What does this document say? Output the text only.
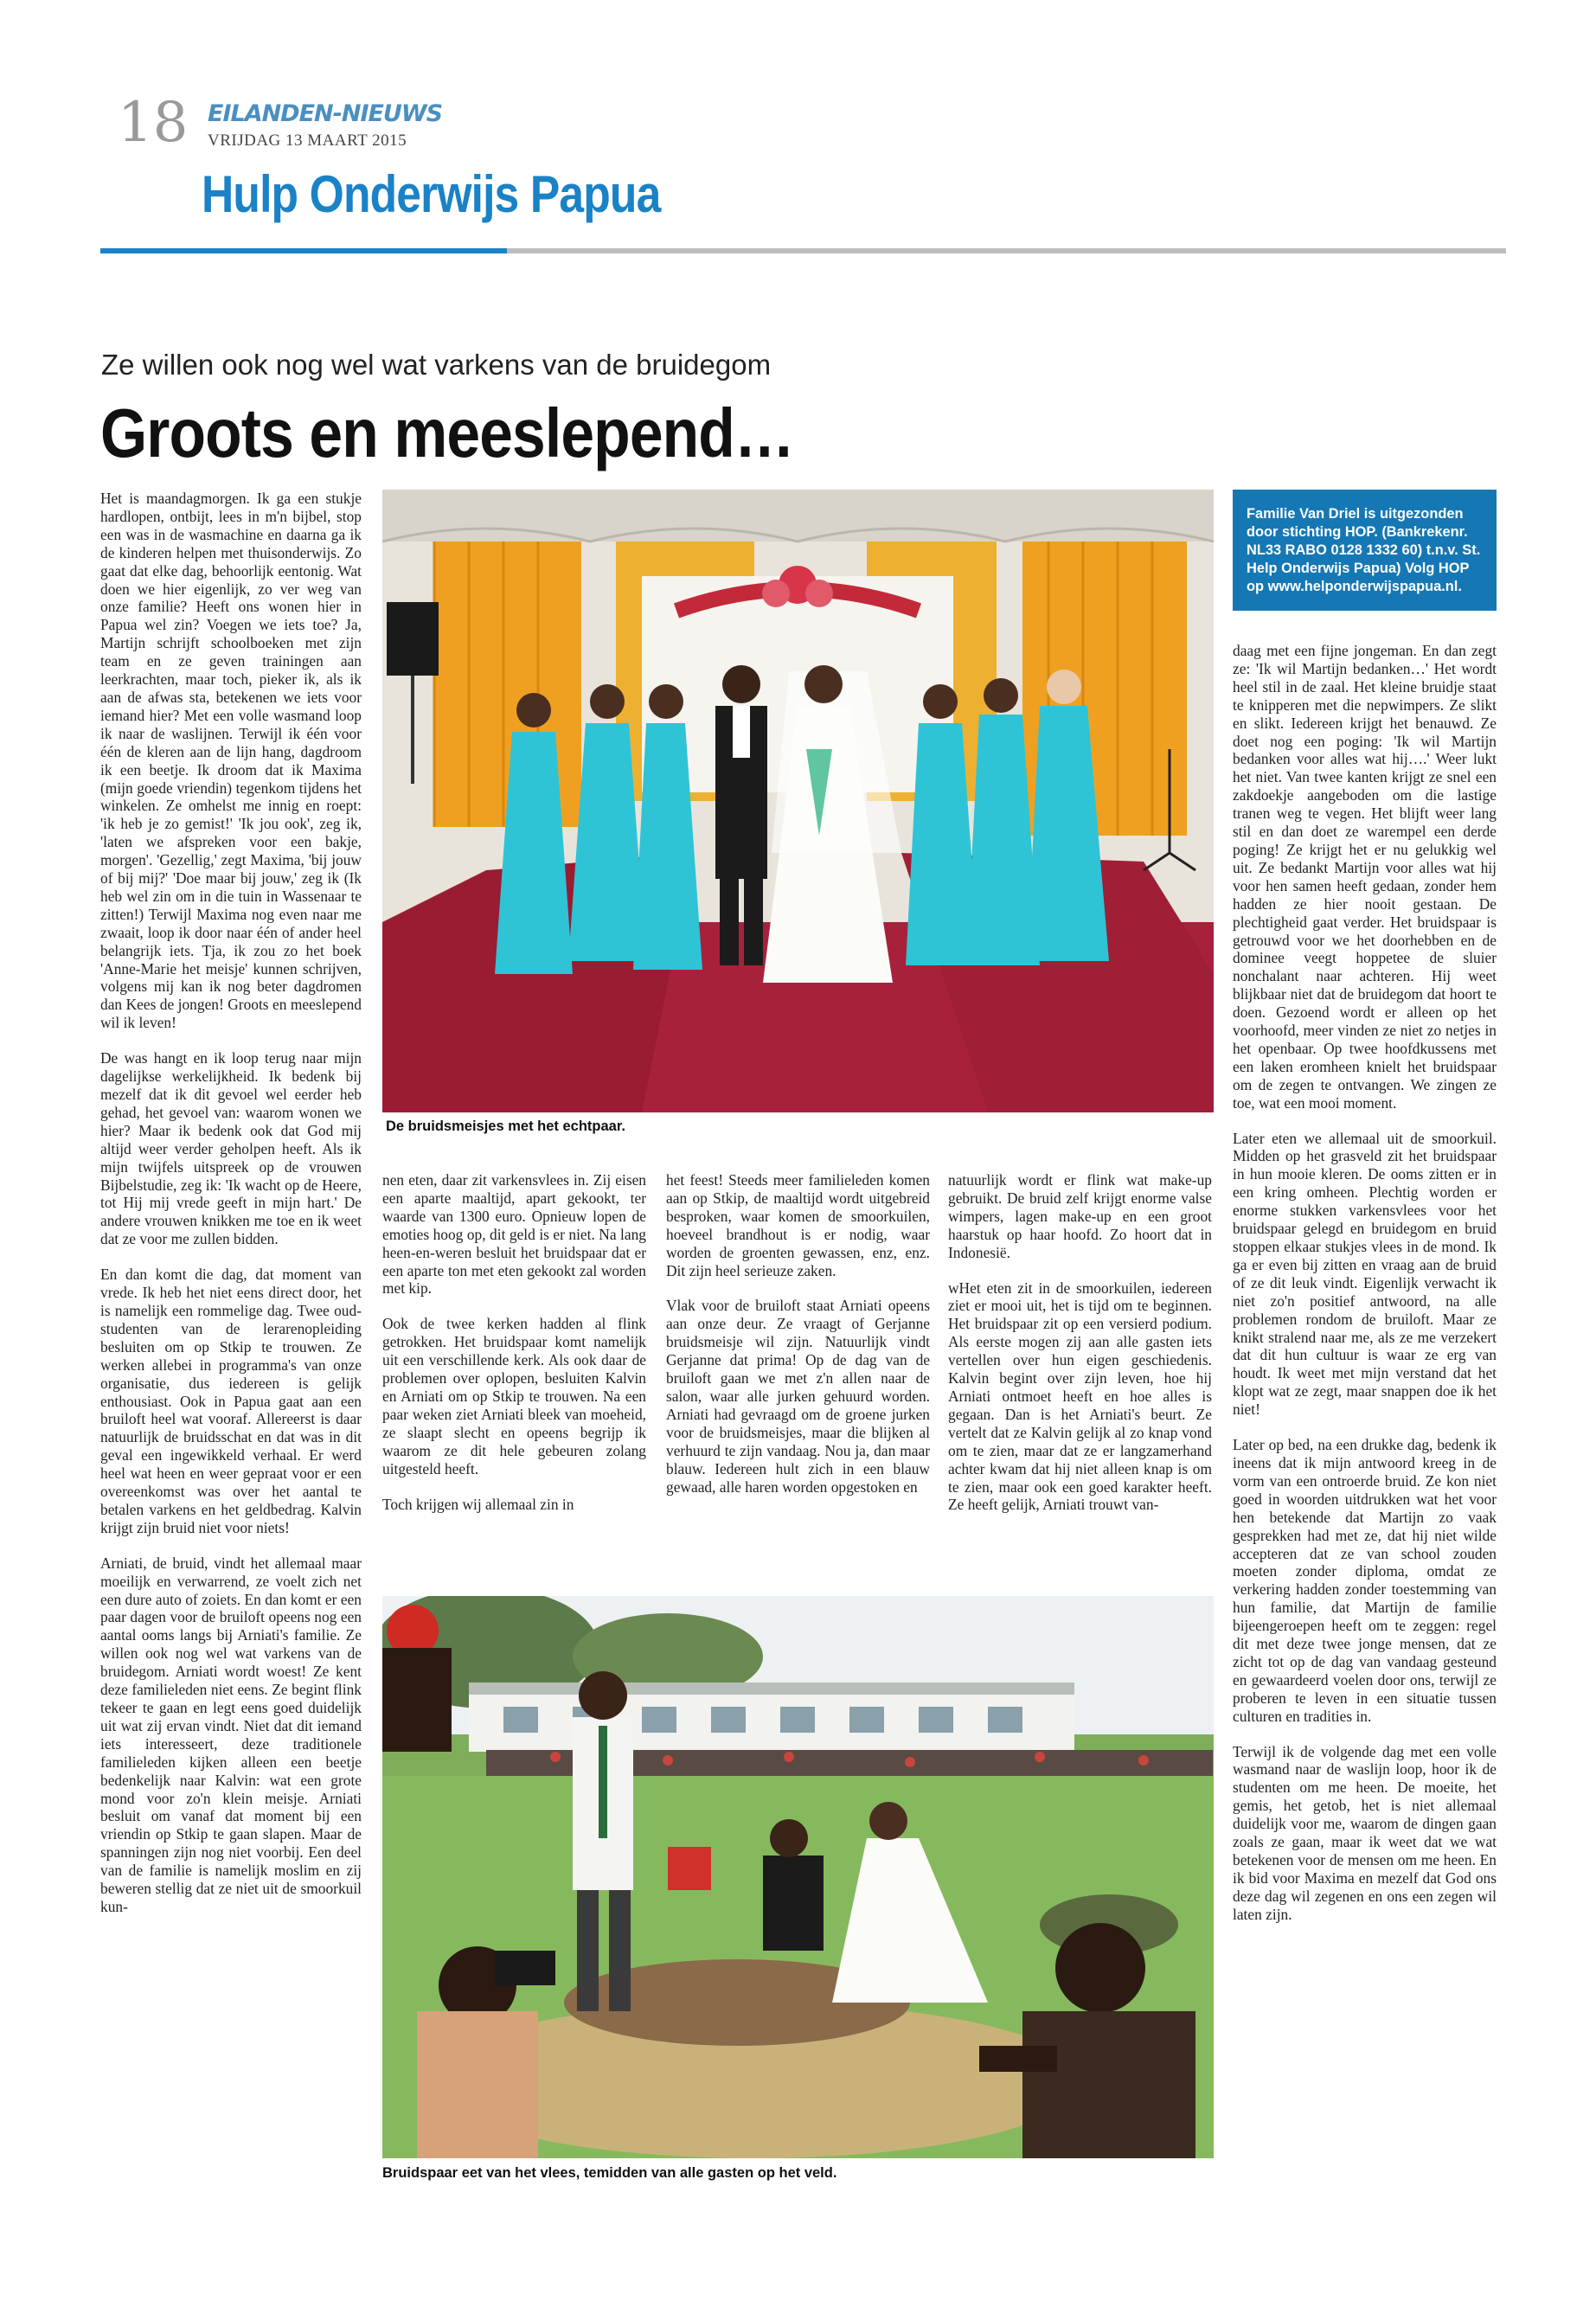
18 EILANDEN-NIEUWS
VRIJDAG 13 MAART 2015
Hulp Onderwijs Papua
Ze willen ook nog wel wat varkens van de bruidegom
Groots en meeslepend…

Het is maandagmorgen. Ik ga een stukje hardlopen, ontbijt, lees in m'n bijbel, stop een was in de wasmachine en daarna ga ik de kinderen helpen met thuisonderwijs. Zo gaat dat elke dag, behoorlijk eentonig. Wat doen we hier eigenlijk, zo ver weg van onze familie? Heeft ons wonen hier in Papua wel zin? Voegen we iets toe? Ja, Martijn schrijft schoolboeken met zijn team en ze geven trainingen aan leerkrachten, maar toch, pieker ik, als ik aan de afwas sta, betekenen we iets voor iemand hier? Met een volle wasmand loop ik naar de waslijnen. Terwijl ik één voor één de kleren aan de lijn hang, dagdroom ik een beetje. Ik droom dat ik Maxima (mijn goede vriendin) tegenkom tijdens het winkelen. Ze omhelst me innig en roept: 'ik heb je zo gemist!' 'Ik jou ook', zeg ik, 'laten we afspreken voor een bakje, morgen'. 'Gezellig,' zegt Maxima, 'bij jouw of bij mij?' 'Doe maar bij jouw,' zeg ik (Ik heb wel zin om in die tuin in Wassenaar te zitten!) Terwijl Maxima nog even naar me zwaait, loop ik door naar één of ander heel belangrijk iets. Tja, ik zou zo het boek 'Anne-Marie het meisje' kunnen schrijven, volgens mij kan ik nog beter dagdromen dan Kees de jongen! Groots en meeslepend wil ik leven!

De was hangt en ik loop terug naar mijn dagelijkse werkelijkheid. Ik bedenk bij mezelf dat ik dit gevoel wel eerder heb gehad, het gevoel van: waarom wonen we hier? Maar ik bedenk ook dat God mij altijd weer verder geholpen heeft. Als ik mijn twijfels uitspreek op de vrouwen Bijbelstudie, zeg ik: 'Ik wacht op de Heere, tot Hij mij vrede geeft in mijn hart.' De andere vrouwen knikken me toe en ik weet dat ze voor me zullen bidden.

En dan komt die dag, dat moment van vrede. Ik heb het niet eens direct door, het is namelijk een rommelige dag. Twee oud-studenten van de lerarenopleiding besluiten om op Stkip te trouwen. Ze werken allebei in programma's van onze organisatie, dus iedereen is gelijk enthousiast. Ook in Papua gaat aan een bruiloft heel wat vooraf. Allereerst is daar natuurlijk de bruidsschat en dat was in dit geval een ingewikkeld verhaal. Er werd heel wat heen en weer gepraat voor er een overeenkomst was over het aantal te betalen varkens en het geldbedrag. Kalvin krijgt zijn bruid niet voor niets!

Arniati, de bruid, vindt het allemaal maar moeilijk en verwarrend, ze voelt zich net een dure auto of zoiets. En dan komt er een paar dagen voor de bruiloft opeens nog een aantal ooms langs bij Arniati's familie. Ze willen ook nog wel wat varkens van de bruidegom. Arniati wordt woest! Ze kent deze familieleden niet eens. Ze begint flink tekeer te gaan en legt eens goed duidelijk uit wat zij ervan vindt. Niet dat dit iemand iets interesseert, deze traditionele familieleden kijken alleen een beetje bedenkelijk naar Kalvin: wat een grote mond voor zo'n klein meisje. Arniati besluit om vanaf dat moment bij een vriendin op Stkip te gaan slapen. Maar de spanningen zijn nog niet voorbij. Een deel van de familie is namelijk moslim en zij beweren stellig dat ze niet uit de smoorkuil kun-

De bruidsmeisjes met het echtpaar.

nen eten, daar zit varkensvlees in. Zij eisen een aparte maaltijd, apart gekookt, ter waarde van 1300 euro. Opnieuw lopen de emoties hoog op, dit geld is er niet. Na lang heen-en-weren besluit het bruidspaar dat er een aparte ton met eten gekookt zal worden met kip.

Ook de twee kerken hadden al flink getrokken. Het bruidspaar komt namelijk uit een verschillende kerk. Als ook daar de problemen over oplopen, besluiten Kalvin en Arniati om op Stkip te trouwen. Na een paar weken ziet Arniati bleek van moeheid, ze slaapt slecht en opeens begrijp ik waarom ze dit hele gebeuren zolang uitgesteld heeft.

Toch krijgen wij allemaal zin in

het feest! Steeds meer familieleden komen aan op Stkip, de maaltijd wordt uitgebreid besproken, waar komen de smoorkuilen, hoeveel brandhout is er nodig, waar worden de groenten gewassen, enz, enz. Dit zijn heel serieuze zaken.

Vlak voor de bruiloft staat Arniati opeens aan onze deur. Ze vraagt of Gerjanne bruidsmeisje wil zijn. Natuurlijk vindt Gerjanne dat prima! Op de dag van de bruiloft gaan we met z'n allen naar de salon, waar alle jurken gehuurd worden. Arniati had gevraagd om de groene jurken voor de bruidsmeisjes, maar die blijken al verhuurd te zijn vandaag. Nou ja, dan maar blauw. Iedereen hult zich in een blauw gewaad, alle haren worden opgestoken en

natuurlijk wordt er flink wat make-up gebruikt. De bruid zelf krijgt enorme valse wimpers, lagen make-up en een groot haarstuk op haar hoofd. Zo hoort dat in Indonesië.

wHet eten zit in de smoorkuilen, iedereen ziet er mooi uit, het is tijd om te beginnen. Het bruidspaar zit op een versierd podium. Als eerste mogen zij aan alle gasten iets vertellen over hun eigen geschiedenis. Kalvin begint over zijn leven, hoe hij Arniati ontmoet heeft en hoe alles is gegaan. Dan is het Arniati's beurt. Ze vertelt dat ze Kalvin gelijk al zo knap vond om te zien, maar dat ze er langzamerhand achter kwam dat hij niet alleen knap is om te zien, maar ook een goed karakter heeft. Ze heeft gelijk, Arniati trouwt van-

Bruidspaar eet van het vlees, temidden van alle gasten op het veld.
Familie Van Driel is uitgezonden door stichting HOP. (Bankrekenr. NL33 RABO 0128 1332 60) t.n.v. St. Help Onderwijs Papua) Volg HOP op www.helponderwijspapua.nl.

daag met een fijne jongeman. En dan zegt ze: 'Ik wil Martijn bedanken…' Het wordt heel stil in de zaal. Het kleine bruidje staat te knipperen met die nepwimpers. Ze slikt en slikt. Iedereen krijgt het benauwd. Ze doet nog een poging: 'Ik wil Martijn bedanken voor alles wat hij….' Weer lukt het niet. Van twee kanten krijgt ze snel een zakdoekje aangeboden om die lastige tranen weg te vegen. Het blijft weer lang stil en dan doet ze warempel een derde poging! Ze krijgt het er nu gelukkig wel uit. Ze bedankt Martijn voor alles wat hij voor hen samen heeft gedaan, zonder hem hadden ze hier nooit gestaan. De plechtigheid gaat verder. Het bruidspaar is getrouwd voor we het doorhebben en de dominee veegt hoppetee de sluier nonchalant naar achteren. Hij weet blijkbaar niet dat de bruidegom dat hoort te doen. Gezoend wordt er alleen op het voorhoofd, meer vinden ze niet zo netjes in het openbaar. Op twee hoofdkussens met een laken eromheen knielt het bruidspaar om de zegen te ontvangen. We zingen ze toe, wat een mooi moment.

Later eten we allemaal uit de smoorkuil. Midden op het grasveld zit het bruidspaar in hun mooie kleren. De ooms zitten er in een kring omheen. Plechtig worden er enorme stukken varkensvlees voor het bruidspaar gelegd en bruidegom en bruid stoppen elkaar stukjes vlees in de mond. Ik ga er even bij zitten en vraag aan de bruid of ze dit leuk vindt. Eigenlijk verwacht ik niet zo'n positief antwoord, na alle problemen rondom de bruiloft. Maar ze knikt stralend naar me, als ze me verzekert dat dit hun cultuur is waar ze erg van houdt. Ik weet met mijn verstand dat het klopt wat ze zegt, maar snappen doe ik het niet!

Later op bed, na een drukke dag, bedenk ik ineens dat ik mijn antwoord kreeg in de vorm van een ontroerde bruid. Ze kon niet goed in woorden uitdrukken wat het voor hen betekende dat Martijn zo vaak gesprekken had met ze, dat hij niet wilde accepteren dat ze van school zouden moeten zonder diploma, omdat ze verkering hadden zonder toestemming van hun familie, dat Martijn de familie bijeengeroepen heeft om te zeggen: regel dit met deze twee jonge mensen, dat ze zicht tot op de dag van vandaag gesteund en gewaardeerd voelen door ons, terwijl ze proberen te leven in een situatie tussen culturen en tradities in.

Terwijl ik de volgende dag met een volle wasmand naar de waslijn loop, hoor ik de studenten om me heen. De moeite, het gemis, het getob, het is niet allemaal duidelijk voor me, waarom de dingen gaan zoals ze gaan, maar ik weet dat we wat betekenen voor de mensen om me heen. En ik bid voor Maxima en mezelf dat God ons deze dag wil zegenen en ons een zegen wil laten zijn.
